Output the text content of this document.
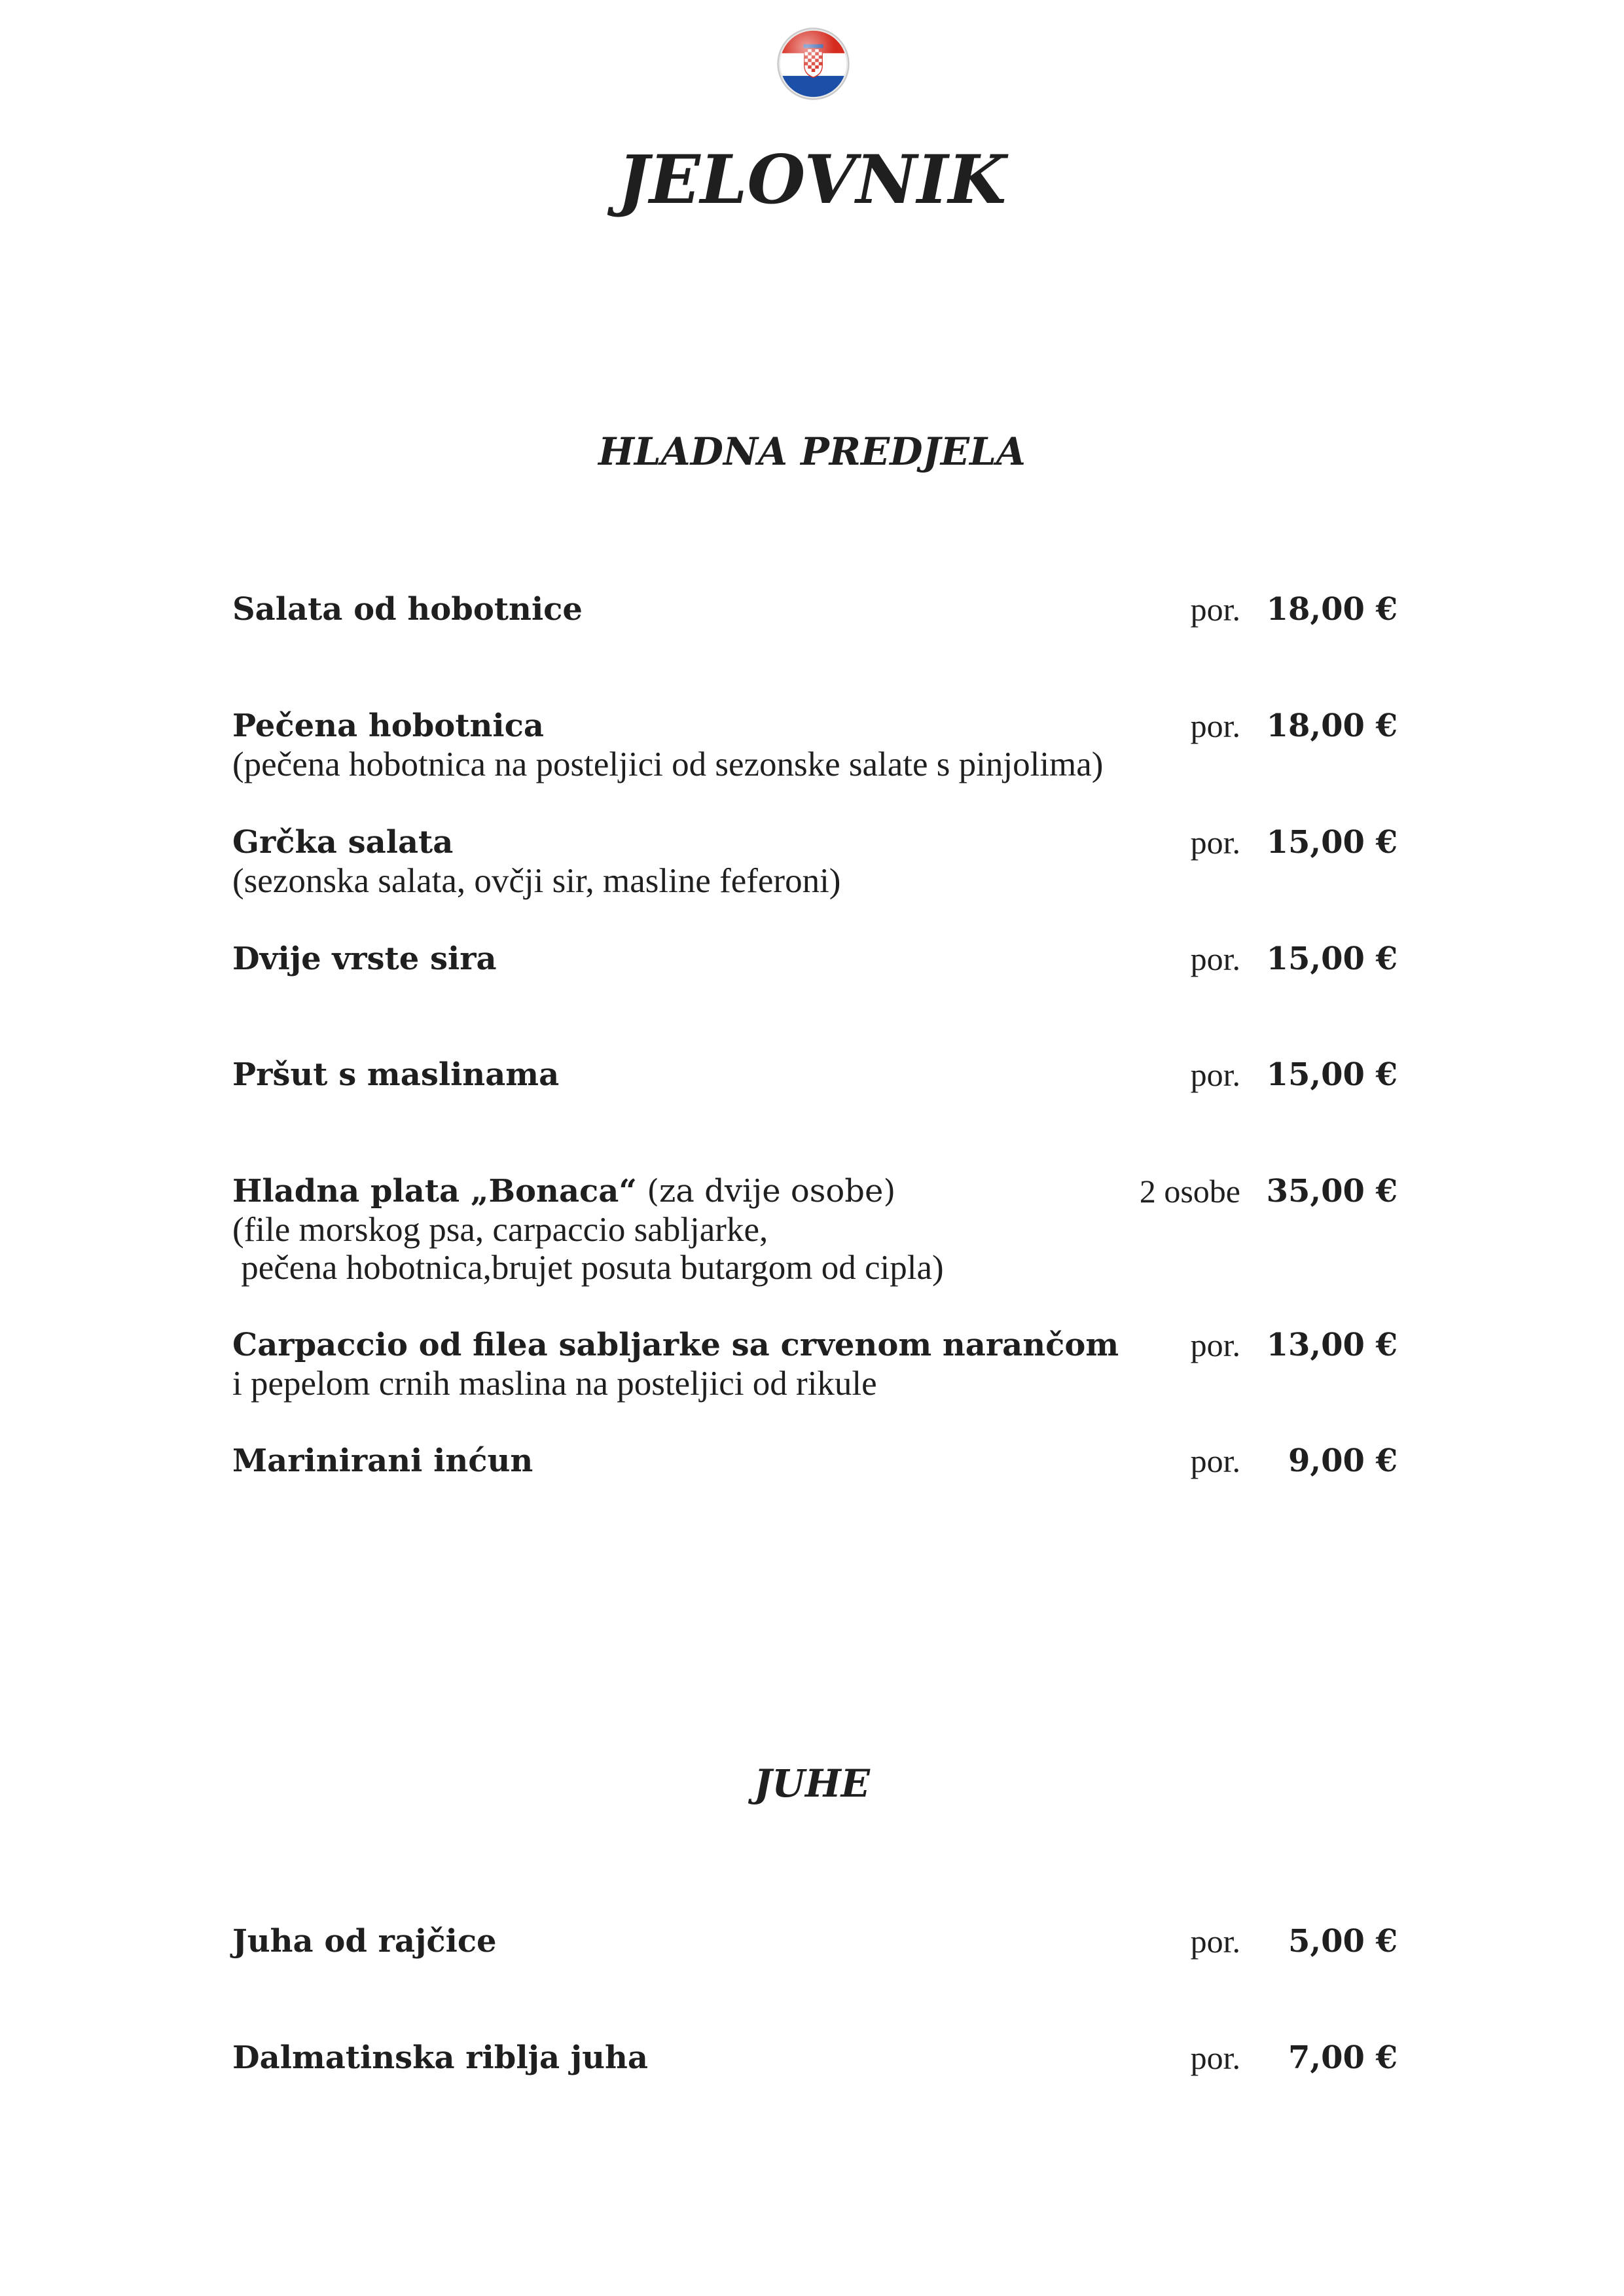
JELOVNIK
HLADNA PREDJELA
Salata od hobotnice	por. 18,00 €
Pečena hobotnica	por. 18,00 €
(pečena hobotnica na posteljici od sezonske salate s pinjolima)
Grčka salata	por. 15,00 €
(sezonska salata, ovčji sir, masline feferoni)
Dvije vrste sira	por. 15,00 €
Pršut s maslinama	por. 15,00 €
Hladna plata „Bonaca“ (za dvije osobe)	2 osobe 35,00 €
(file morskog psa, carpaccio sabljarke,
pečena hobotnica,brujet posuta butargom od cipla)
Carpaccio od filea sabljarke sa crvenom narančom por. 13,00 €
i pepelom crnih maslina na posteljici od rikule
Marinirani inćun	por. 9,00 €
JUHE
Juha od rajčice	por. 5,00 €
Dalmatinska riblja juha	por. 7,00 €
